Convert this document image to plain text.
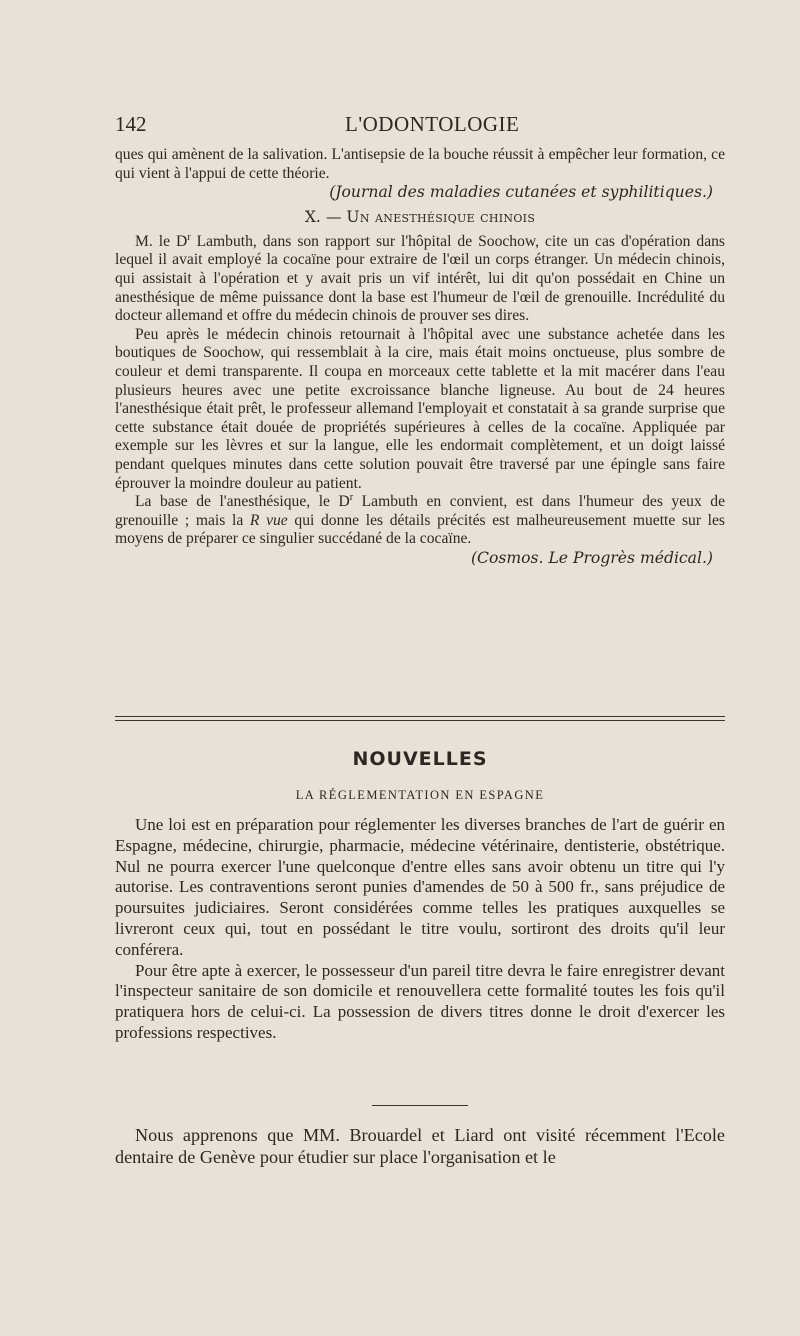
142	L'ODONTOLOGIE

ques qui amènent de la salivation. L'antisepsie de la bouche réussit à empêcher leur formation, ce qui vient à l'appui de cette théorie.

(Journal des maladies cutanées et syphilitiques.)

X. — Un anesthésique chinois

M. le $D^r$ Lambuth, dans son rapport sur l'hôpital de Soochow, cite un cas d'opération dans lequel il avait employé la cocaïne pour extraire de l'œil un corps étranger. Un médecin chinois, qui assistait à l'opération et y avait pris un vif intérêt, lui dit qu'on possédait en Chine un anesthésique de même puissance dont la base est l'humeur de l'œil de grenouille. Incrédulité du docteur allemand et offre du médecin chinois de prouver ses dires.

Peu après le médecin chinois retournait à l'hôpital avec une substance achetée dans les boutiques de Soochow, qui ressemblait à la cire, mais était moins onctueuse, plus sombre de couleur et demi transparente. Il coupa en morceaux cette tablette et la mit macérer dans l'eau plusieurs heures avec une petite excroissance blanche ligneuse. Au bout de 24 heures l'anesthésique était prêt, le professeur allemand l'employait et constatait à sa grande surprise que cette substance était douée de propriétés supérieures à celles de la cocaïne. Appliquée par exemple sur les lèvres et sur la langue, elle les endormait complètement, et un doigt laissé pendant quelques minutes dans cette solution pouvait être traversé par une épingle sans faire éprouver la moindre douleur au patient.

La base de l'anesthésique, le $D^r$ Lambuth en convient, est dans l'humeur des yeux de grenouille ; mais la R vue qui donne les détails précités est malheureusement muette sur les moyens de préparer ce singulier succédané de la cocaïne.

(Cosmos. Le Progrès médical.)

NOUVELLES
LA RÉGLEMENTATION EN ESPAGNE

Une loi est en préparation pour réglementer les diverses branches de l'art de guérir en Espagne, médecine, chirurgie, pharmacie, médecine vétérinaire, dentisterie, obstétrique. Nul ne pourra exercer l'une quelconque d'entre elles sans avoir obtenu un titre qui l'y autorise. Les contraventions seront punies d'amendes de 50 à 500 fr., sans préjudice de poursuites judiciaires. Seront considérées comme telles les pratiques auxquelles se livreront ceux qui, tout en possédant le titre voulu, sortiront des droits qu'il leur conférera.

Pour être apte à exercer, le possesseur d'un pareil titre devra le faire enregistrer devant l'inspecteur sanitaire de son domicile et renouvellera cette formalité toutes les fois qu'il pratiquera hors de celui-ci. La possession de divers titres donne le droit d'exercer les professions respectives.

Nous apprenons que MM. Brouardel et Liard ont visité récemment l'Ecole dentaire de Genève pour étudier sur place l'organisation et le
